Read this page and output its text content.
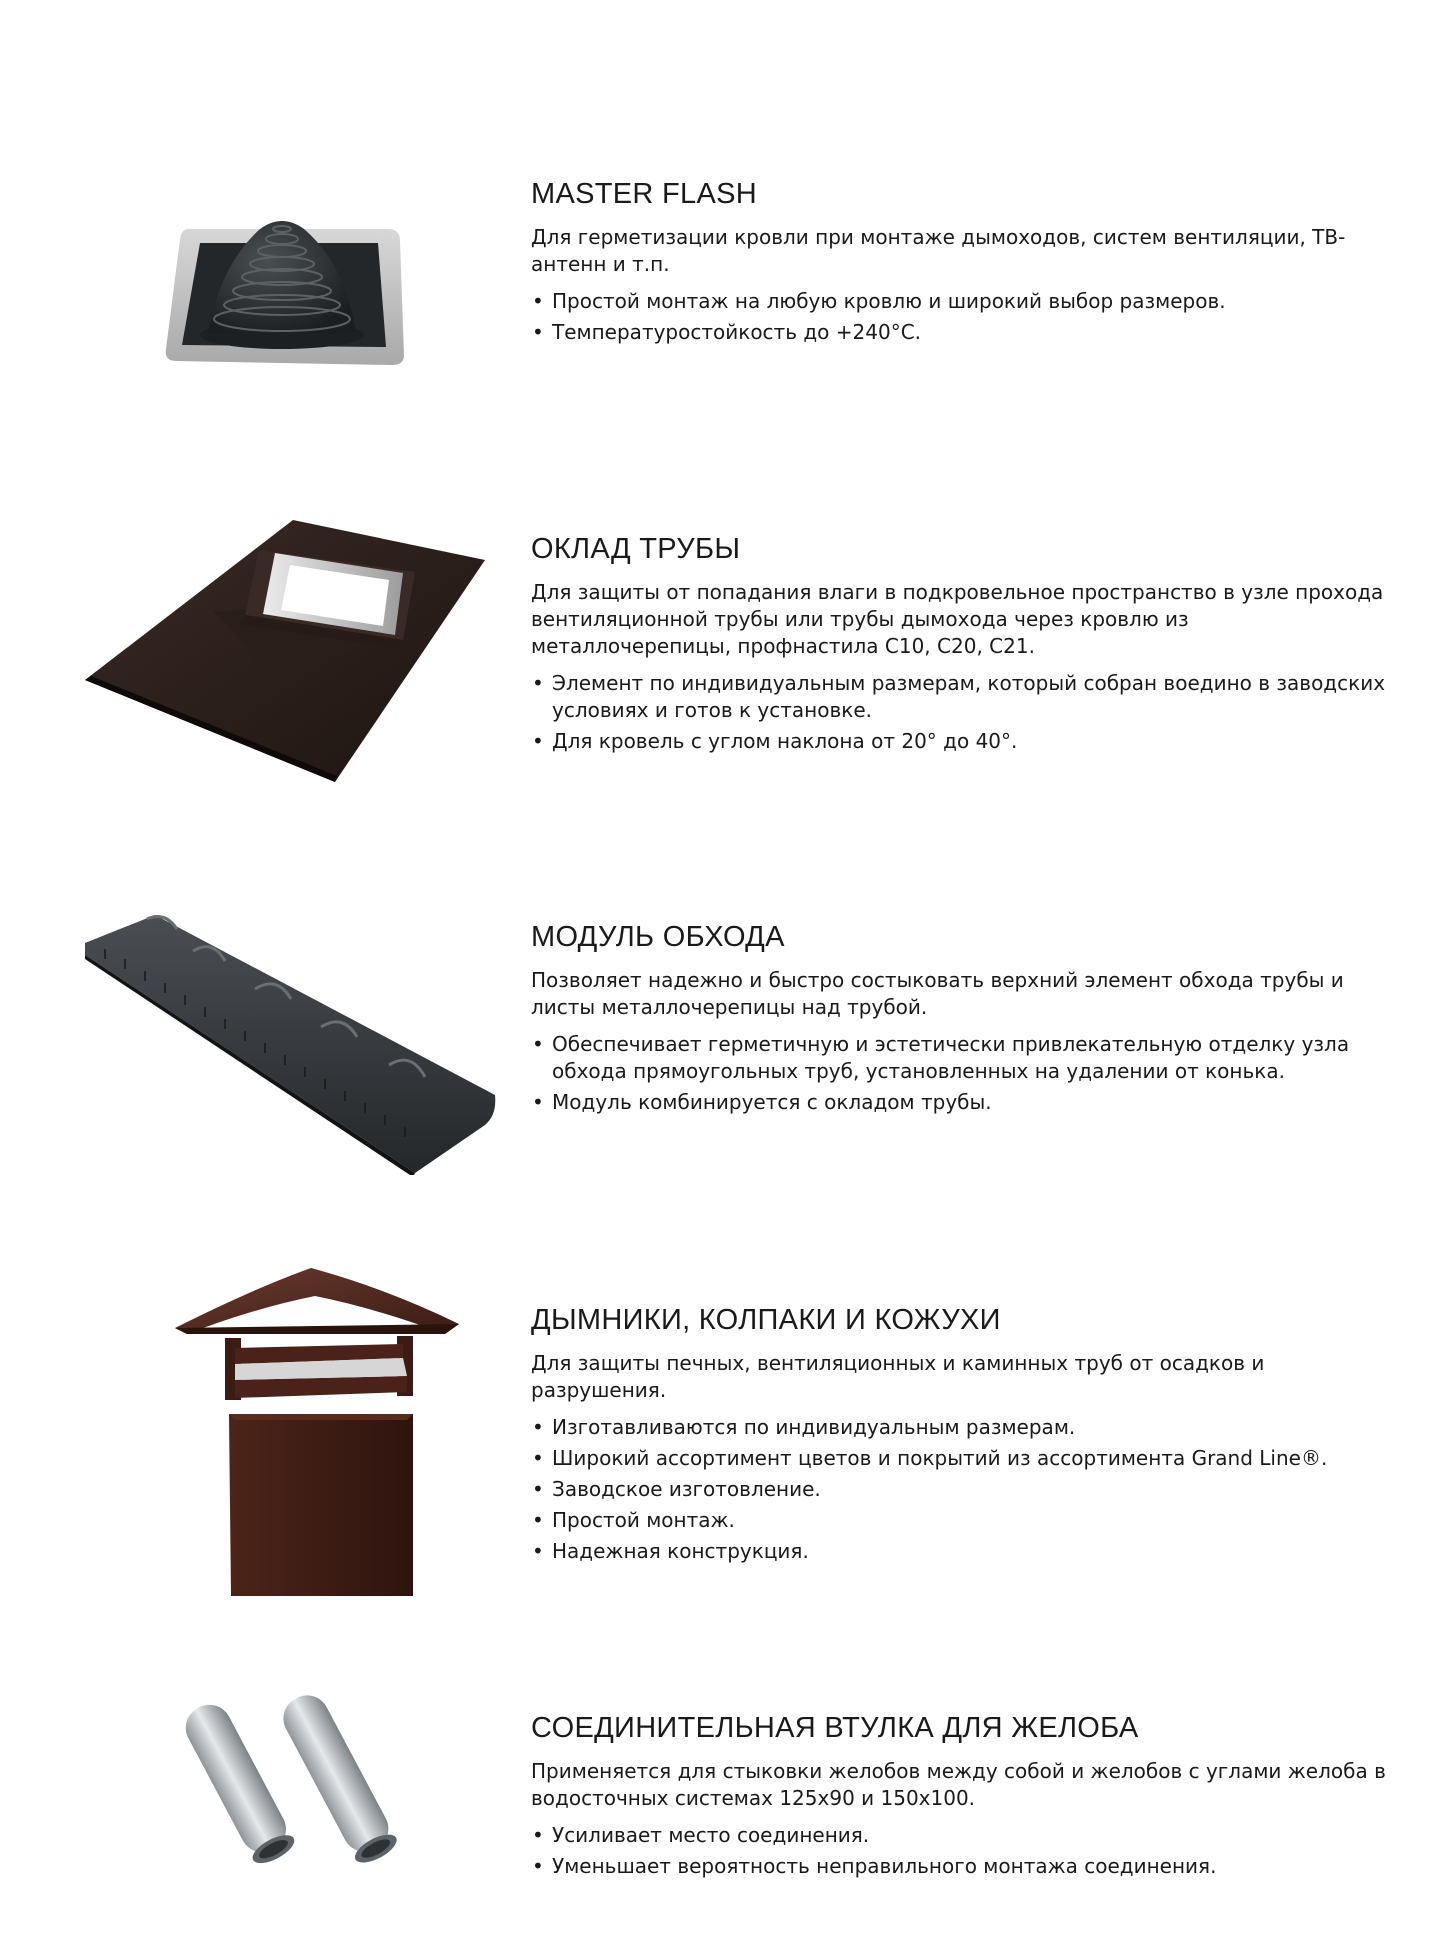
MASTER FLASH

Для герметизации кровли при монтаже дымоходов, систем вентиляции, ТВ-антенн и т.п.

• Простой монтаж на любую кровлю и широкий выбор размеров.
• Температуростойкость до +240°С.
ОКЛАД ТРУБЫ

Для защиты от попадания влаги в подкровельное пространство в узле прохода вентиляционной трубы или трубы дымохода через кровлю из металлочерепицы, профнастила С10, С20, С21.

• Элемент по индивидуальным размерам, который собран воедино в заводских условиях и готов к установке.
• Для кровель с углом наклона от 20° до 40°.
МОДУЛЬ ОБХОДА

Позволяет надежно и быстро состыковать верхний элемент обхода трубы и листы металлочерепицы над трубой.

• Обеспечивает герметичную и эстетически привлекательную отделку узла обхода прямоугольных труб, установленных на удалении от конька.
• Модуль комбинируется с окладом трубы.
ДЫМНИКИ, КОЛПАКИ И КОЖУХИ

Для защиты печных, вентиляционных и каминных труб от осадков и разрушения.

• Изготавливаются по индивидуальным размерам.
• Широкий ассортимент цветов и покрытий из ассортимента Grand Line®.
• Заводское изготовление.
• Простой монтаж.
• Надежная конструкция.
СОЕДИНИТЕЛЬНАЯ ВТУЛКА ДЛЯ ЖЕЛОБА

Применяется для стыковки желобов между собой и желобов с углами желоба в водосточных системах 125х90 и 150х100.

• Усиливает место соединения.
• Уменьшает вероятность неправильного монтажа соединения.
